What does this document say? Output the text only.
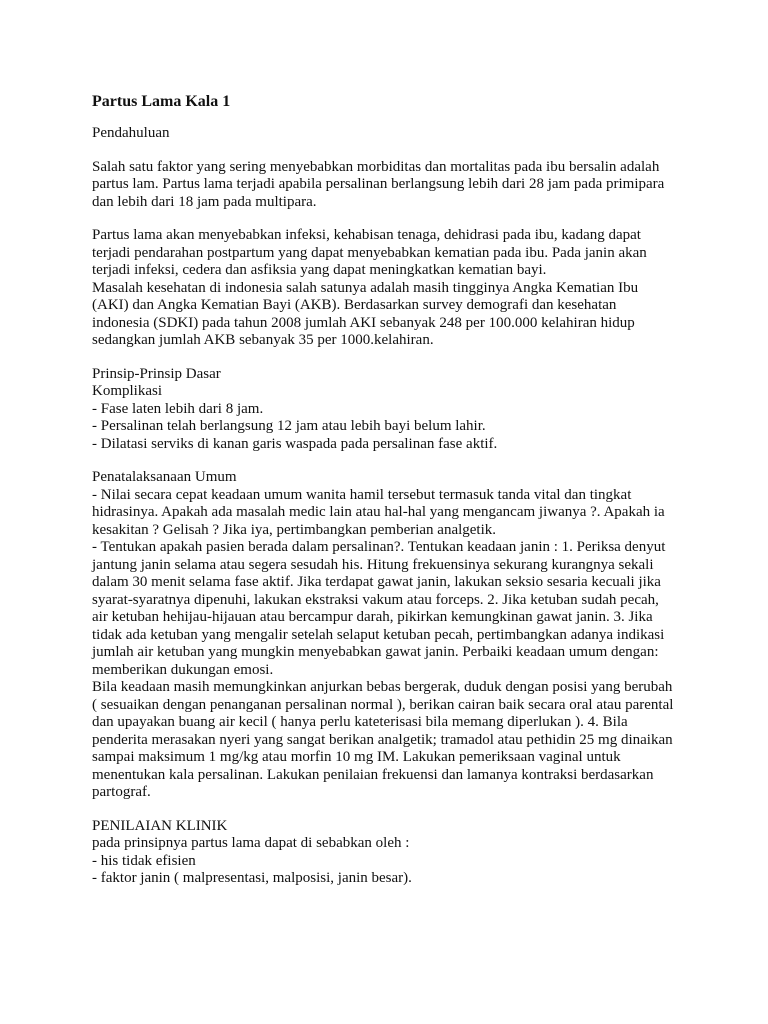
Partus Lama Kala 1
Pendahuluan
Salah satu faktor yang sering menyebabkan morbiditas dan mortalitas pada ibu bersalin adalah
partus lam. Partus lama terjadi apabila persalinan berlangsung lebih dari 28 jam pada primipara
dan lebih dari 18 jam pada multipara.
Partus lama akan menyebabkan infeksi, kehabisan tenaga, dehidrasi pada ibu, kadang dapat
terjadi pendarahan postpartum yang dapat menyebabkan kematian pada ibu. Pada janin akan
terjadi infeksi, cedera dan asfiksia yang dapat meningkatkan kematian bayi.
Masalah kesehatan di indonesia salah satunya adalah masih tingginya Angka Kematian Ibu
(AKI) dan Angka Kematian Bayi (AKB). Berdasarkan survey demografi dan kesehatan
indonesia (SDKI) pada tahun 2008 jumlah AKI sebanyak 248 per 100.000 kelahiran hidup
sedangkan jumlah AKB sebanyak 35 per 1000.kelahiran.
Prinsip-Prinsip Dasar
Komplikasi
- Fase laten lebih dari 8 jam.
- Persalinan telah berlangsung 12 jam atau lebih bayi belum lahir.
- Dilatasi serviks di kanan garis waspada pada persalinan fase aktif.
Penatalaksanaan Umum
- Nilai secara cepat keadaan umum wanita hamil tersebut termasuk tanda vital dan tingkat
hidrasinya. Apakah ada masalah medic lain atau hal-hal yang mengancam jiwanya ?. Apakah ia
kesakitan ? Gelisah ? Jika iya, pertimbangkan pemberian analgetik.
- Tentukan apakah pasien berada dalam persalinan?. Tentukan keadaan janin : 1. Periksa denyut
jantung janin selama atau segera sesudah his. Hitung frekuensinya sekurang kurangnya sekali
dalam 30 menit selama fase aktif. Jika terdapat gawat janin, lakukan seksio sesaria kecuali jika
syarat-syaratnya dipenuhi, lakukan ekstraksi vakum atau forceps. 2. Jika ketuban sudah pecah,
air ketuban hehijau-hijauan atau bercampur darah, pikirkan kemungkinan gawat janin. 3. Jika
tidak ada ketuban yang mengalir setelah selaput ketuban pecah, pertimbangkan adanya indikasi
jumlah air ketuban yang mungkin menyebabkan gawat janin. Perbaiki keadaan umum dengan:
memberikan dukungan emosi.
Bila keadaan masih memungkinkan anjurkan bebas bergerak, duduk dengan posisi yang berubah
( sesuaikan dengan penanganan persalinan normal ), berikan cairan baik secara oral atau parental
dan upayakan buang air kecil ( hanya perlu kateterisasi bila memang diperlukan ). 4. Bila
penderita merasakan nyeri yang sangat berikan analgetik; tramadol atau pethidin 25 mg dinaikan
sampai maksimum 1 mg/kg atau morfin 10 mg IM. Lakukan pemeriksaan vaginal untuk
menentukan kala persalinan. Lakukan penilaian frekuensi dan lamanya kontraksi berdasarkan
partograf.
PENILAIAN KLINIK
pada prinsipnya partus lama dapat di sebabkan oleh :
- his tidak efisien
- faktor janin ( malpresentasi, malposisi, janin besar).
